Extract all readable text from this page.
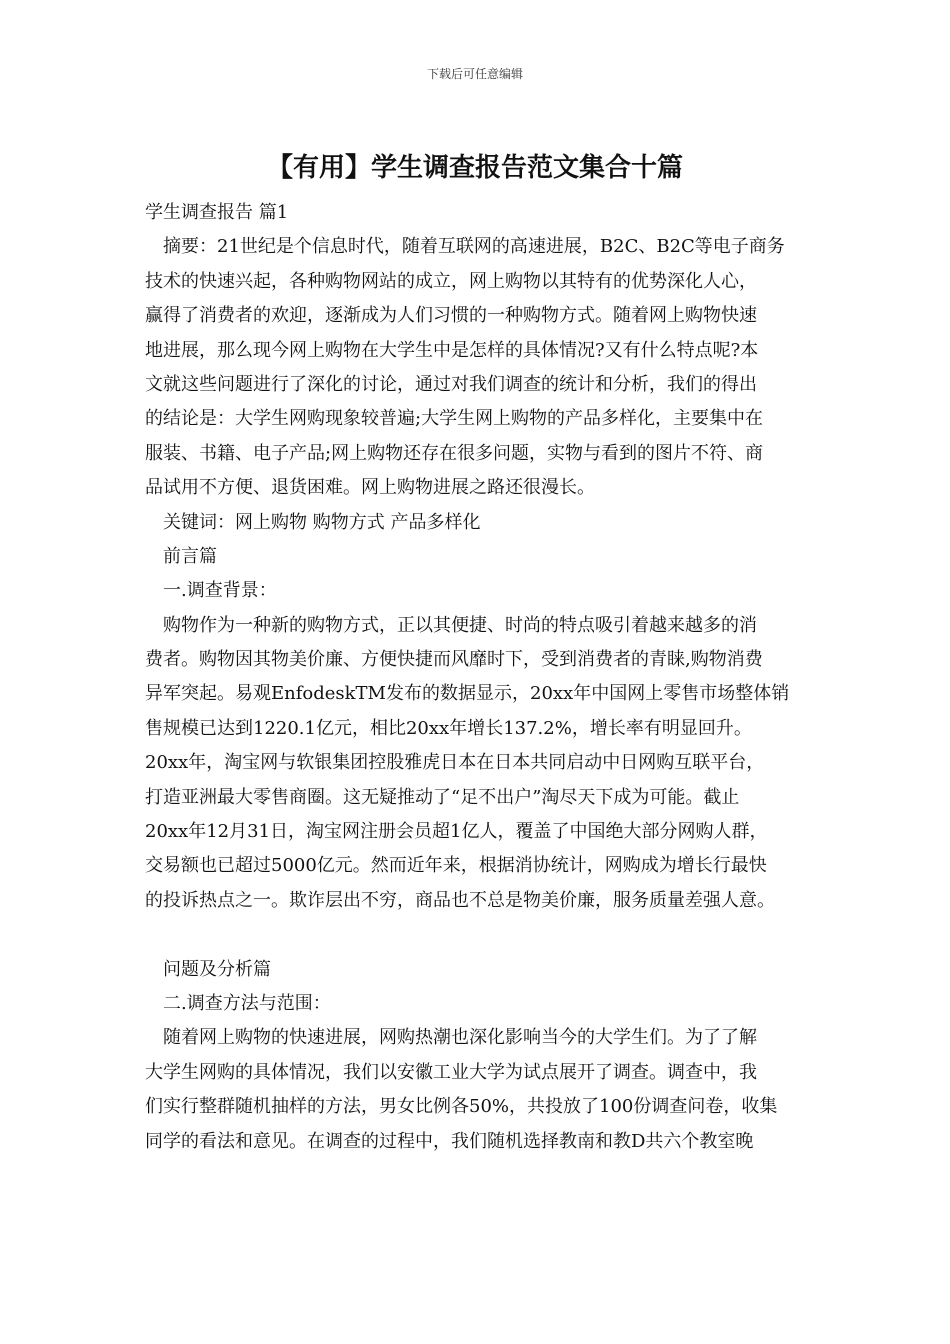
下载后可任意编辑
【有用】学生调查报告范文集合十篇
学生调查报告 篇1
摘要：21世纪是个信息时代，随着互联网的高速进展，B2C、B2C等电子商务
技术的快速兴起，各种购物网站的成立，网上购物以其特有的优势深化人心，
赢得了消费者的欢迎，逐渐成为人们习惯的一种购物方式。随着网上购物快速
地进展，那么现今网上购物在大学生中是怎样的具体情况?又有什么特点呢?本
文就这些问题进行了深化的讨论，通过对我们调查的统计和分析，我们的得出
的结论是：大学生网购现象较普遍;大学生网上购物的产品多样化，主要集中在
服装、书籍、电子产品;网上购物还存在很多问题，实物与看到的图片不符、商
品试用不方便、退货困难。网上购物进展之路还很漫长。
关键词：网上购物 购物方式 产品多样化
前言篇
一.调查背景：
购物作为一种新的购物方式，正以其便捷、时尚的特点吸引着越来越多的消
费者。购物因其物美价廉、方便快捷而风靡时下，受到消费者的青睐,购物消费
异军突起。易观EnfodeskTM发布的数据显示，20xx年中国网上零售市场整体销
售规模已达到1220.1亿元，相比20xx年增长137.2%，增长率有明显回升。
20xx年，淘宝网与软银集团控股雅虎日本在日本共同启动中日网购互联平台，
打造亚洲最大零售商圈。这无疑推动了“足不出户”淘尽天下成为可能。截止
20xx年12月31日，淘宝网注册会员超1亿人，覆盖了中国绝大部分网购人群，
交易额也已超过5000亿元。然而近年来，根据消协统计，网购成为增长行最快
的投诉热点之一。欺诈层出不穷，商品也不总是物美价廉，服务质量差强人意。
问题及分析篇
二.调查方法与范围：
随着网上购物的快速进展，网购热潮也深化影响当今的大学生们。为了了解
大学生网购的具体情况，我们以安徽工业大学为试点展开了调查。调查中，我
们实行整群随机抽样的方法，男女比例各50%，共投放了100份调查问卷，收集
同学的看法和意见。在调查的过程中，我们随机选择教南和教D共六个教室晚
